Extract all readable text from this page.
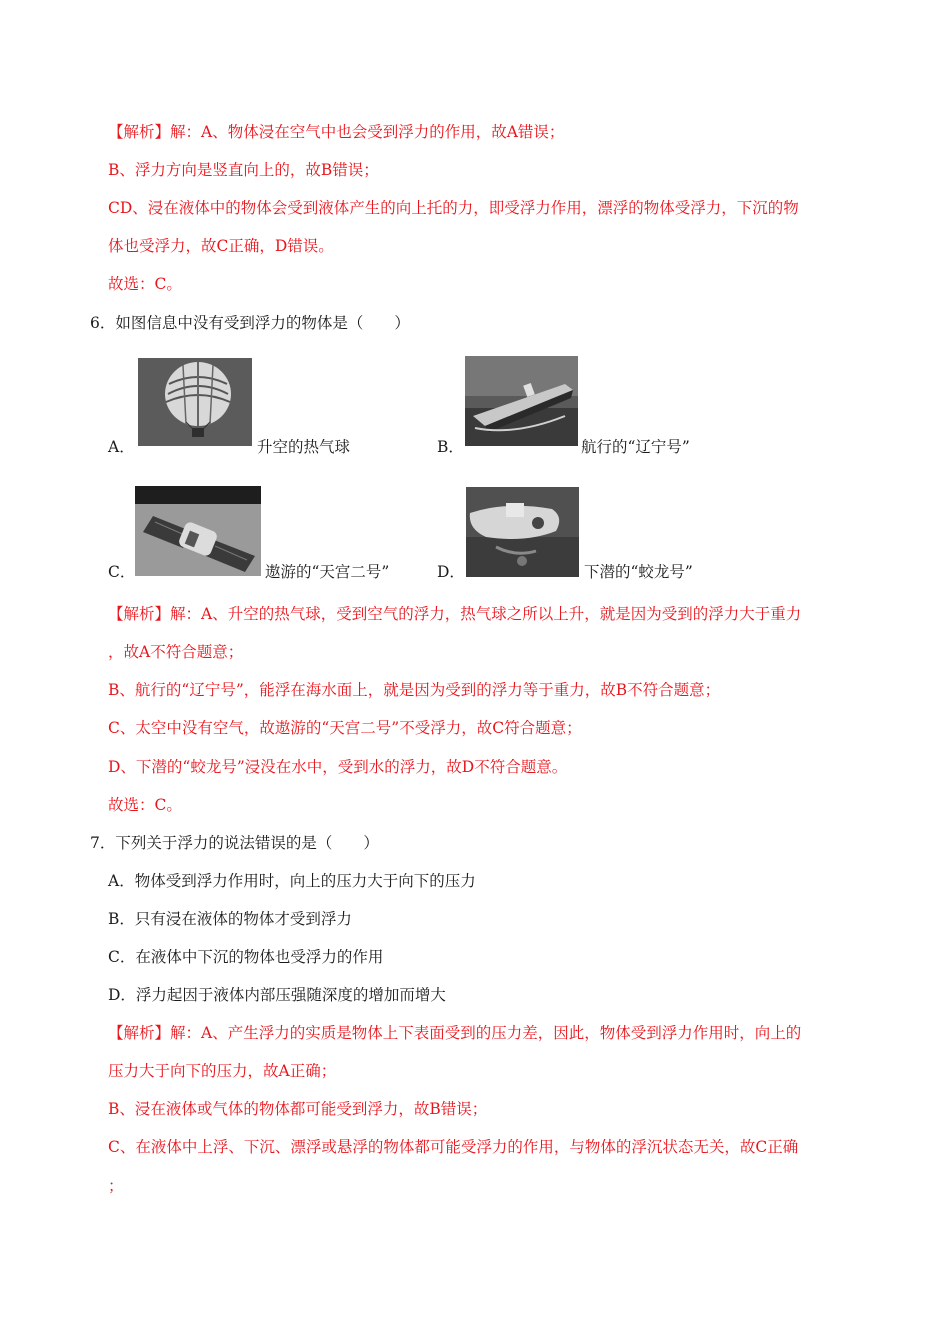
【解析】解：A、物体浸在空气中也会受到浮力的作用，故A错误；
B、浮力方向是竖直向上的，故B错误；
CD、浸在液体中的物体会受到液体产生的向上托的力，即受浮力作用，漂浮的物体受浮力，下沉的物
体也受浮力，故C正确，D错误。
故选：C。
6．如图信息中没有受到浮力的物体是（　　）
A．	升空的热气球	B．	航行的“辽宁号”
C．	遨游的“天宫二号”	D．	下潜的“蛟龙号”
【解析】解：A、升空的热气球，受到空气的浮力，热气球之所以上升，就是因为受到的浮力大于重力
，故A不符合题意；
B、航行的“辽宁号”，能浮在海水面上，就是因为受到的浮力等于重力，故B不符合题意；
C、太空中没有空气，故遨游的“天宫二号”不受浮力，故C符合题意；
D、下潜的“蛟龙号”浸没在水中，受到水的浮力，故D不符合题意。
故选：C。
7．下列关于浮力的说法错误的是（　　）
A．物体受到浮力作用时，向上的压力大于向下的压力
B．只有浸在液体的物体才受到浮力
C．在液体中下沉的物体也受浮力的作用
D．浮力起因于液体内部压强随深度的增加而增大
【解析】解：A、产生浮力的实质是物体上下表面受到的压力差，因此，物体受到浮力作用时，向上的
压力大于向下的压力，故A正确；
B、浸在液体或气体的物体都可能受到浮力，故B错误；
C、在液体中上浮、下沉、漂浮或悬浮的物体都可能受浮力的作用，与物体的浮沉状态无关，故C正确
；
